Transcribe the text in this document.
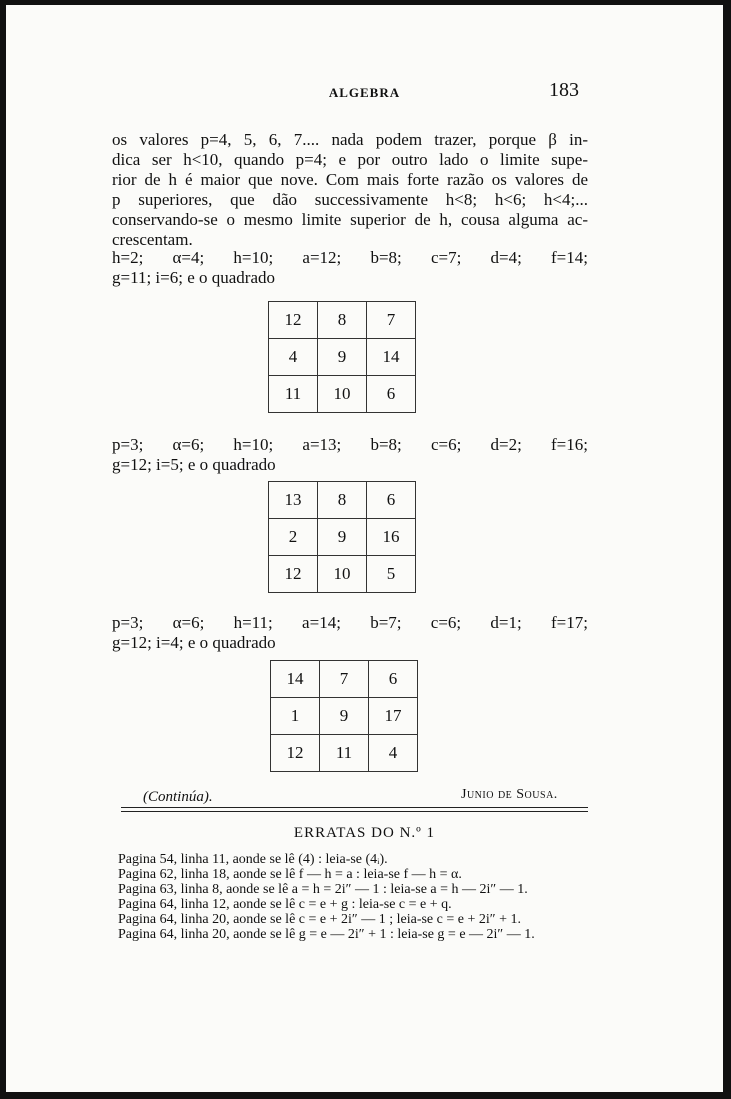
ALGEBRA	183
os valores p=4, 5, 6, 7.... nada podem trazer, porque β in-
dica ser h<10, quando p=4; e por outro lado o limite supe-
rior de h é maior que nove. Com mais forte razão os valores de
p superiores, que dão successivamente h<8; h<6; h<4;...
conservando-se o mesmo limite superior de h, cousa alguma ac-
crescentam.
h=2; α=4; h=10; a=12; b=8; c=7; d=4; f=14;
g=11; i=6; e o quadrado
12	8	7
4	9	14
11	10	6
p=3; α=6; h=10; a=13; b=8; c=6; d=2; f=16;
g=12; i=5; e o quadrado
13	8	6
2	9	16
12	10	5
p=3; α=6; h=11; a=14; b=7; c=6; d=1; f=17;
g=12; i=4; e o quadrado
14	7	6
1	9	17
12	11	4
(Continúa).	Junio de Sousa.
ERRATAS DO N.º 1
Pagina 54, linha 11, aonde se lê (4) : leia-se (4ᵢ).
Pagina 62, linha 18, aonde se lê f — h = a : leia-se f — h = α.
Pagina 63, linha 8, aonde se lê a = h = 2i″ — 1 : leia-se a = h — 2i″ — 1.
Pagina 64, linha 12, aonde se lê c = e + g : leia-se c = e + q.
Pagina 64, linha 20, aonde se lê c = e + 2i″ — 1 ; leia-se c = e + 2i″ + 1.
Pagina 64, linha 20, aonde se lê g = e — 2i″ + 1 : leia-se g = e — 2i″ — 1.
